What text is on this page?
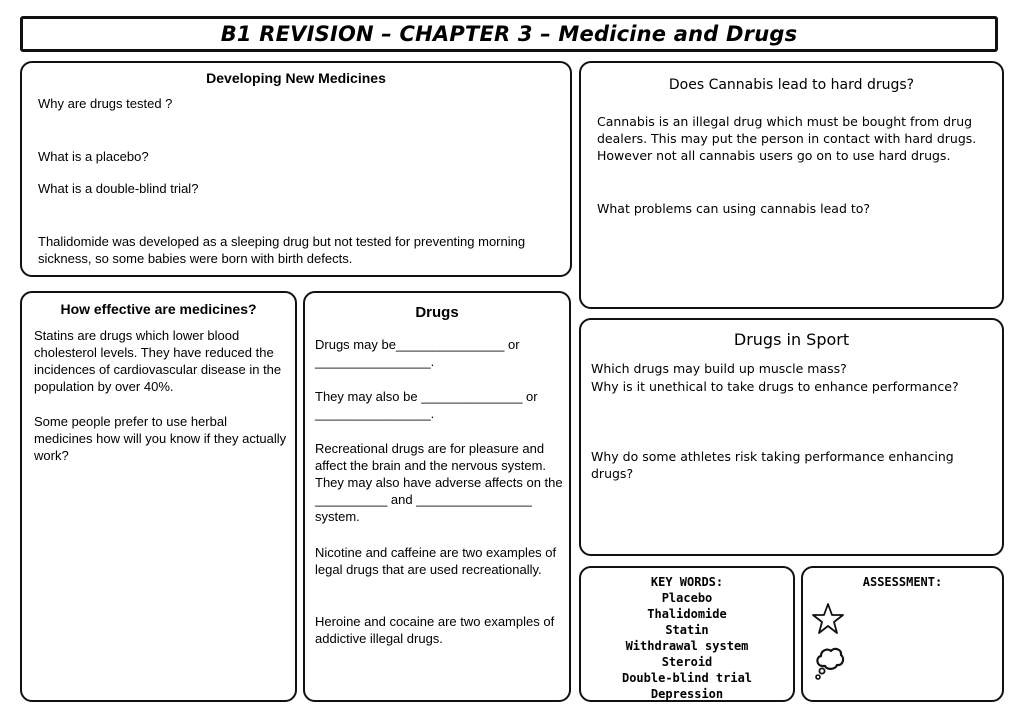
B1 REVISION – CHAPTER 3 – Medicine and Drugs

Developing New Medicines

Why are drugs tested ?

What is a placebo?

What is a double-blind trial?

Thalidomide was developed as a sleeping drug but not tested for preventing morning sickness, so some babies were born with birth defects.

Does Cannabis lead to hard drugs?

Cannabis is an illegal drug which must be bought from drug dealers. This may put the person in contact with hard drugs. However not all cannabis users go on to use hard drugs.

What problems can using cannabis lead to?

How effective are medicines?

Statins are drugs which lower blood cholesterol levels. They have reduced the incidences of cardiovascular disease in the population by over 40%.

Some people prefer to use herbal medicines how will you know if they actually work?

Drugs

Drugs may be_______________ or ________________.

They may also be ______________ or ________________.

Recreational drugs are for pleasure and affect the brain and the nervous system. They may also have adverse affects on the __________ and ________________ system.

Nicotine and caffeine are two examples of legal drugs that are used recreationally.

Heroine and cocaine are two examples of addictive illegal drugs.

Drugs in Sport

Which drugs may build up muscle mass?

Why is it unethical to take drugs to enhance performance?

Why do some athletes risk taking performance enhancing drugs?

KEY WORDS:
Placebo
Thalidomide
Statin
Withdrawal system
Steroid
Double-blind trial
Depression
ASSESSMENT:
